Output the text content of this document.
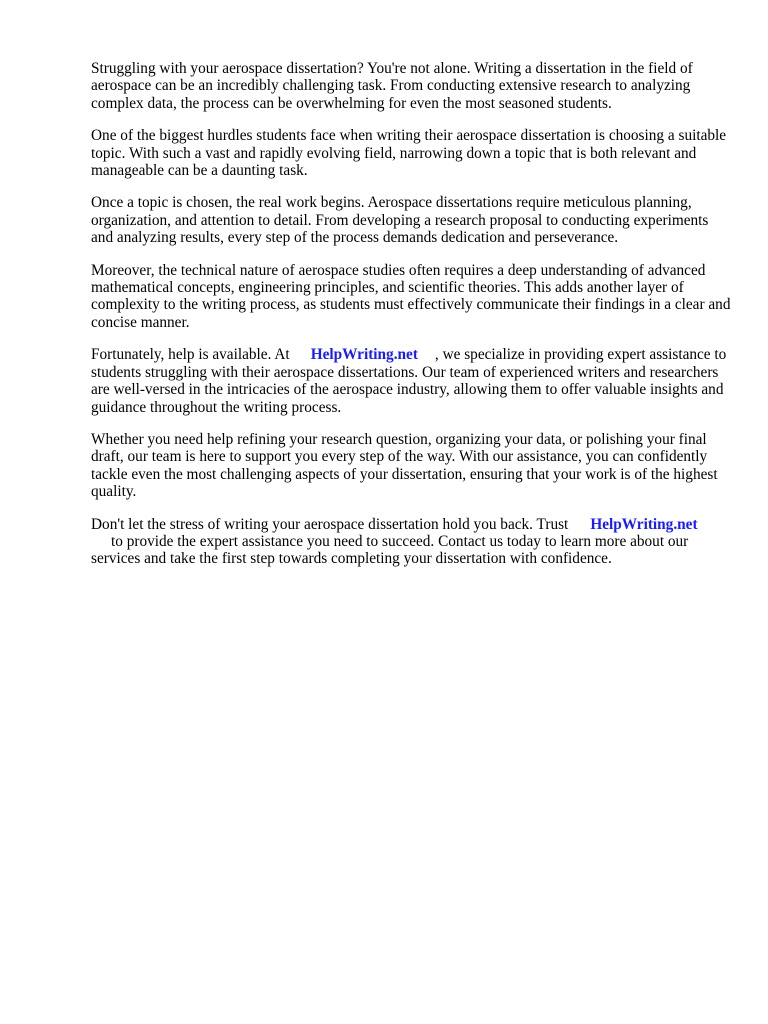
Struggling with your aerospace dissertation? You're not alone. Writing a dissertation in the field of aerospace can be an incredibly challenging task. From conducting extensive research to analyzing complex data, the process can be overwhelming for even the most seasoned students.

One of the biggest hurdles students face when writing their aerospace dissertation is choosing a suitable topic. With such a vast and rapidly evolving field, narrowing down a topic that is both relevant and manageable can be a daunting task.

Once a topic is chosen, the real work begins. Aerospace dissertations require meticulous planning, organization, and attention to detail. From developing a research proposal to conducting experiments and analyzing results, every step of the process demands dedication and perseverance.

Moreover, the technical nature of aerospace studies often requires a deep understanding of advanced mathematical concepts, engineering principles, and scientific theories. This adds another layer of complexity to the writing process, as students must effectively communicate their findings in a clear and concise manner.

Fortunately, help is available. At HelpWriting.net , we specialize in providing expert assistance to students struggling with their aerospace dissertations. Our team of experienced writers and researchers are well-versed in the intricacies of the aerospace industry, allowing them to offer valuable insights and guidance throughout the writing process.

Whether you need help refining your research question, organizing your data, or polishing your final draft, our team is here to support you every step of the way. With our assistance, you can confidently tackle even the most challenging aspects of your dissertation, ensuring that your work is of the highest quality.

Don't let the stress of writing your aerospace dissertation hold you back. Trust HelpWriting.net
to provide the expert assistance you need to succeed. Contact us today to learn more about our services and take the first step towards completing your dissertation with confidence.
